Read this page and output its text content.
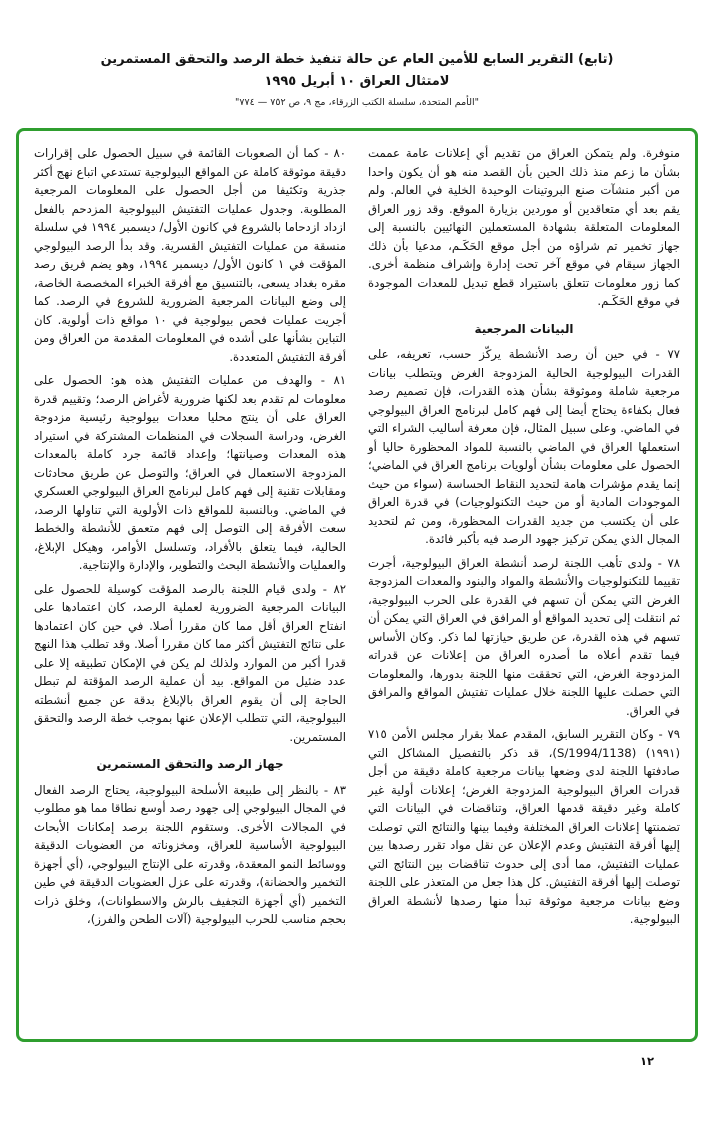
(تابع) التقرير السابع للأمين العام عن حالة تنفيذ خطة الرصد والتحقق المستمرين
لامتثال العراق ١٠ أبريل ١٩٩٥
"الأمم المتحدة، سلسلة الكتب الزرقاء، مج ٩، ص ٧٥٢ — ٧٧٤"

منوفرة. ولم يتمكن العراق من تقديم أي إعلانات عامة عممت بشأن ما زعم منذ ذلك الحين بأن القصد منه هو أن يكون واحدا من أكبر منشآت صنع البروتينات الوحيدة الخلية في العالم. ولم يقم بعد أي متعاقدين أو موردين بزيارة الموقع. وقد زور العراق المعلومات المتعلقة بشهادة المستعملين النهائيين بالنسبة إلى جهاز تخمير تم شراؤه من أجل موقع الحَكَـم، مدعيا بأن ذلك الجهاز سيقام في موقع آخر تحت إدارة وإشراف منظمة أخرى. كما زور معلومات تتعلق باستيراد قطع تبديل للمعدات الموجودة في موقع الحَكَـم.

البيانات المرجعية

٧٧ - في حين أن رصد الأنشطة يركّز حسب، تعريفه، على القدرات البيولوجية الحالية المزدوجة الغرض ويتطلب بيانات مرجعية شاملة وموثوقة بشأن هذه القدرات، فإن تصميم رصد فعال بكفاءة يحتاج أيضا إلى فهم كامل لبرنامج العراق البيولوجي في الماضي. وعلى سبيل المثال، فإن معرفة أساليب الشراء التي استعملها العراق في الماضي بالنسبة للمواد المحظورة حاليا أو الحصول على معلومات بشأن أولويات برنامج العراق في الماضي؛ إنما يقدم مؤشرات هامة لتحديد النقاط الحساسة (سواء من حيث الموجودات المادية أو من حيث التكنولوجيات) في قدرة العراق على أن يكتسب من جديد القدرات المحظورة، ومن ثم لتحديد المجال الذي يمكن تركيز جهود الرصد فيه بأكبر فائدة.

٧٨ - ولدى تأهب اللجنة لرصد أنشطة العراق البيولوجية، أجرت تقييما للتكنولوجيات والأنشطة والمواد والبنود والمعدات المزدوجة الغرض التي يمكن أن تسهم في القدرة على الحرب البيولوجية، ثم انتقلت إلى تحديد المواقع أو المرافق في العراق التي يمكن أن تسهم في هذه القدرة، عن طريق حيازتها لما ذكر. وكان الأساس فيما تقدم أعلاه ما أصدره العراق من إعلانات عن قدراته المزدوجة الغرض، التي تحققت منها اللجنة بدورها، والمعلومات التي حصلت عليها اللجنة خلال عمليات تفتيش المواقع والمرافق في العراق.

٧٩ - وكان التقرير السابق، المقدم عملا بقرار مجلس الأمن ٧١٥ (١٩٩١) (S/1994/1138)، قد ذكر بالتفصيل المشاكل التي صادفتها اللجنة لدى وضعها بيانات مرجعية كاملة دقيقة من أجل قدرات العراق البيولوجية المزدوجة الغرض؛ إعلانات أولية غير كاملة وغير دقيقة قدمها العراق، وتناقضات في البيانات التي تضمنتها إعلانات العراق المختلفة وفيما بينها والنتائج التي توصلت إليها أفرقة التفتيش وعدم الإعلان عن نقل مواد تقرر رصدها بين عمليات التفتيش، مما أدى إلى حدوث تناقضات بين النتائج التي توصلت إليها أفرقة التفتيش. كل هذا جعل من المتعذر على اللجنة وضع بيانات مرجعية موثوقة تبدأ منها رصدها لأنشطة العراق البيولوجية.

٨٠ - كما أن الصعوبات القائمة في سبيل الحصول على إقرارات دقيقة موثوقة كاملة عن المواقع البيولوجية تستدعي اتباع نهج أكثر جذرية وتكثيفا من أجل الحصول على المعلومات المرجعية المطلوبة. وجدول عمليات التفتيش البيولوجية المزدحم بالفعل ازداد ازدحاما بالشروع في كانون الأول/ ديسمبر ١٩٩٤ في سلسلة منسقة من عمليات التفتيش القسرية. وقد بدأ الرصد البيولوجي المؤقت في ١ كانون الأول/ ديسمبر ١٩٩٤، وهو يضم فريق رصد مقره بغداد يسعى، بالتنسيق مع أفرقة الخبراء المخصصة الخاصة، إلى وضع البيانات المرجعية الضرورية للشروع في الرصد. كما أجريت عمليات فحص بيولوجية في ١٠ مواقع ذات أولوية. كان التباين بشأنها على أشده في المعلومات المقدمة من العراق ومن أفرقة التفتيش المتعددة.

٨١ - والهدف من عمليات التفتيش هذه هو: الحصول على معلومات لم تقدم بعد لكنها ضرورية لأغراض الرصد؛ وتقييم قدرة العراق على أن ينتج محليا معدات بيولوجية رئيسية مزدوجة الغرض، ودراسة السجلات في المنظمات المشتركة في استيراد هذه المعدات وصيانتها؛ وإعداد قائمة جرد كاملة بالمعدات المزدوجة الاستعمال في العراق؛ والتوصل عن طريق محادثات ومقابلات تقنية إلى فهم كامل لبرنامج العراق البيولوجي العسكري في الماضي. وبالنسبة للمواقع ذات الأولوية التي تناولها الرصد، سعت الأفرقة إلى التوصل إلى فهم متعمق للأنشطة والخطط الحالية، فيما يتعلق بالأفراد، وتسلسل الأوامر، وهيكل الإبلاغ، والعمليات والأنشطة البحث والتطوير، والإدارة والإنتاجية.

٨٢ - ولدى قيام اللجنة بالرصد المؤقت كوسيلة للحصول على البيانات المرجعية الضرورية لعملية الرصد، كان اعتمادها على انفتاح العراق أقل مما كان مقررا أصلا. في حين كان اعتمادها على نتائج التفتيش أكثر مما كان مقررا أصلا. وقد تطلب هذا النهج قدرا أكبر من الموارد ولذلك لم يكن في الإمكان تطبيقه إلا على عدد ضئيل من المواقع. بيد أن عملية الرصد المؤقتة لم تبطل الحاجة إلى أن يقوم العراق بالإبلاغ بدقة عن جميع أنشطته البيولوجية، التي تتطلب الإعلان عنها بموجب خطة الرصد والتحقق المستمرين.

جهاز الرصد والتحقق المستمرين

٨٣ - بالنظر إلى طبيعة الأسلحة البيولوجية، يحتاج الرصد الفعال في المجال البيولوجي إلى جهود رصد أوسع نطاقا مما هو مطلوب في المجالات الأخرى. وستقوم اللجنة برصد إمكانات الأبحاث البيولوجية الأساسية للعراق، ومخزوناته من العضويات الدقيقة ووسائط النمو المعقدة، وقدرته على الإنتاج البيولوجي، (أي أجهزة التخمير والحضانة)، وقدرته على عزل العضويات الدقيقة في طين التخمير (أي أجهزة التجفيف بالرش والاسطوانات)، وخلق ذرات بحجم مناسب للحرب البيولوجية (آلات الطحن والفرز)،

١٢
